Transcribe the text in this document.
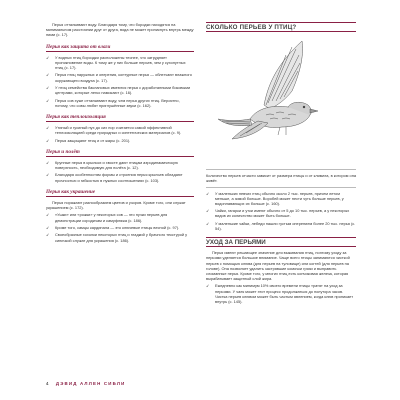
Перья отталкивают воду. Благодаря тому, что бородки находятся на минимальном расстоянии друг от друга, вода не может проникнуть внутрь между ними (с. 17).

Перья как защита от влаги

➹	У водных птиц бороздки расположены теснее, что затрудняет проникновение воды. К тому же у них больше перьев, чем у сухопутных птиц (с. 17).

➹	Перья птиц наружных и оперения, контурные перья — облегчают влажного окружающего воздуха (с. 17).

➹	У птиц семейства баклановых имеются перья с доработанными боковыми центрами, которые легко намокают (с. 16).

➹	Перья сов хуже отталкивают воду, чем перья других птиц. Вероятно, потому, что совы любят приглушённые звуки (с. 162).

Перья как теплоизоляция

➹	Утиный и гусиный пух до сих пор считается самой эффективной теплоизоляцией среди природных и синтетических материалов (с. 9).

➹	Перья защищают птиц и от жары (с. 201).

Перья и полёт

➹	Крупные перья в крыльях и хвосте дают птицам аэродинамическую поверхность, необходимую для полёта (с. 12).

➹	Благодаря особенностям формы и строения перья крыльев обладают прочностью и гибкостью в нужных соотношениях (с. 103).

Перья как украшение

Перья поражают разнообразием цветов и узоров. Кроме того, они служат украшением (с. 172).

➹	«Ушки» или «рожки» у некоторых сов — это пучки перьев для демонстрации сородичам и камуфляжа (с. 186).

➹	Кроме того, самцы кардинала — это ключевые птицы весной (с. 97).

➹	Своеобразные хохолки некоторых птиц и гладкий у брачного текстурой у синичкой служат для украшения (с. 186).

СКОЛЬКО ПЕРЬЕВ У ПТИЦ?

Количество перьев отчасти зависит от размера птицы и от климата, в котором она живёт.

➹	У маленьких певчих птиц обычно около 2 тыс. перьев, причем летом меньше, а зимой больше. Воробей может нести чуть больше перьев, у водоплавающих их больше (с. 160).

➹	Чайки, гагарки и утки имеют обычно от 5 до 10 тыс. перьев, а у некоторых видов их количество может быть больше.

➹	У маленькие чайки, лебеди нашли густым оперением более 20 тыс. перья (с. 54).

УХОД ЗА ПЕРЬЯМИ

Перья имеют решающее значение для выживания птиц, поэтому уходу за перьями уделяется большое внимание. Чаще всего птицы занимаются чисткой перьев с помощью клюва (для перьев на туловище) или когтей (для перьев на голове). Она позволяет удалить застрявшие комочки грязи и выправить сломанные перья. Кроме того, у многих птиц есть копчиковая железа, которая вырабатывает защитный слой жира.

➹	Ежедневно как минимум 10% своего времени птицы тратят на уход за перьями. У чаек может этот процесс продолжаться до полутора часов. Чистка перьев клювом может быть частым явлением, когда клюв проникает внутрь (с. 145).

4 ДЭВИД АЛЛЕН СИБЛИ
